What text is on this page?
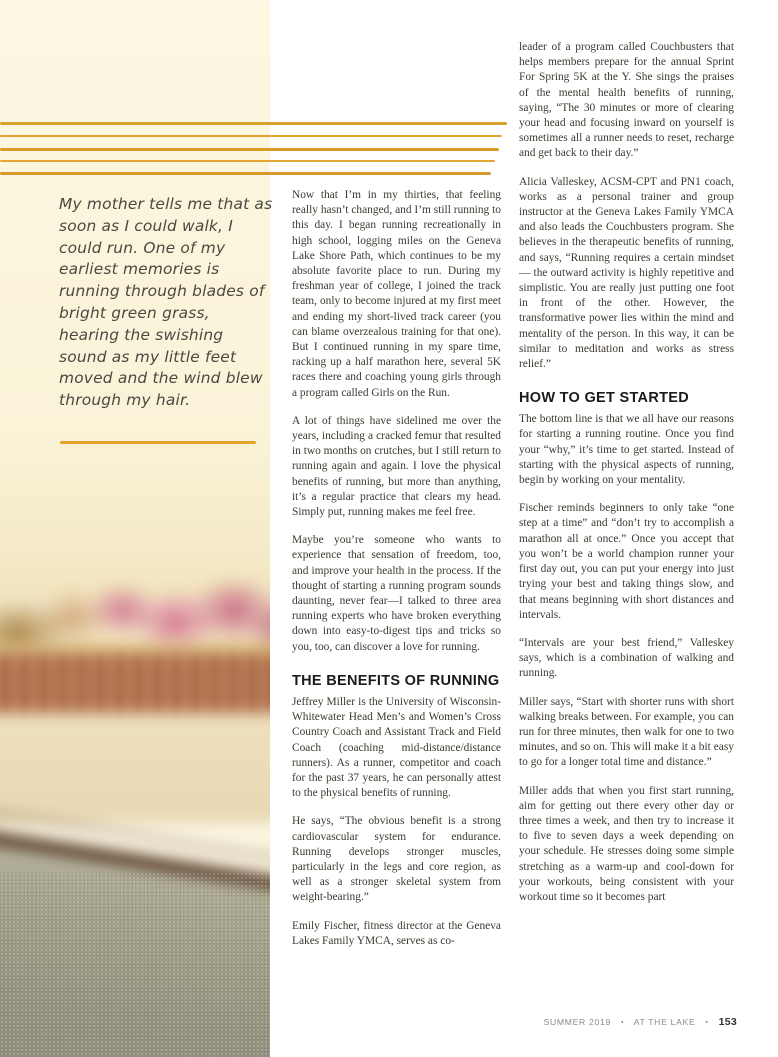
My mother tells me that as soon as I could walk, I could run. One of my earliest memories is running through blades of bright green grass, hearing the swishing sound as my little feet moved and the wind blew through my hair.

Now that I’m in my thirties, that feeling really hasn’t changed, and I’m still running to this day. I began running recreationally in high school, logging miles on the Geneva Lake Shore Path, which continues to be my absolute favorite place to run. During my freshman year of college, I joined the track team, only to become injured at my first meet and ending my short-lived track career (you can blame overzealous training for that one). But I continued running in my spare time, racking up a half marathon here, several 5K races there and coaching young girls through a program called Girls on the Run.

A lot of things have sidelined me over the years, including a cracked femur that resulted in two months on crutches, but I still return to running again and again. I love the physical benefits of running, but more than anything, it’s a regular practice that clears my head. Simply put, running makes me feel free.

Maybe you’re someone who wants to experience that sensation of freedom, too, and improve your health in the process. If the thought of starting a running program sounds daunting, never fear—I talked to three area running experts who have broken everything down into easy-to-digest tips and tricks so you, too, can discover a love for running.

THE BENEFITS OF RUNNING

Jeffrey Miller is the University of Wisconsin-Whitewater Head Men’s and Women’s Cross Country Coach and Assistant Track and Field Coach (coaching mid-distance/distance runners). As a runner, competitor and coach for the past 37 years, he can personally attest to the physical benefits of running.

He says, “The obvious benefit is a strong cardiovascular system for endurance. Running develops stronger muscles, particularly in the legs and core region, as well as a stronger skeletal system from weight-bearing.”

Emily Fischer, fitness director at the Geneva Lakes Family YMCA, serves as co-

leader of a program called Couchbusters that helps members prepare for the annual Sprint For Spring 5K at the Y. She sings the praises of the mental health benefits of running, saying, “The 30 minutes or more of clearing your head and focusing inward on yourself is sometimes all a runner needs to reset, recharge and get back to their day.”

Alicia Valleskey, ACSM-CPT and PN1 coach, works as a personal trainer and group instructor at the Geneva Lakes Family YMCA and also leads the Couchbusters program. She believes in the therapeutic benefits of running, and says, “Running requires a certain mindset — the outward activity is highly repetitive and simplistic. You are really just putting one foot in front of the other. However, the transformative power lies within the mind and mentality of the person. In this way, it can be similar to meditation and works as stress relief.”

HOW TO GET STARTED

The bottom line is that we all have our reasons for starting a running routine. Once you find your “why,” it’s time to get started. Instead of starting with the physical aspects of running, begin by working on your mentality.

Fischer reminds beginners to only take “one step at a time” and “don’t try to accomplish a marathon all at once.” Once you accept that you won’t be a world champion runner your first day out, you can put your energy into just trying your best and taking things slow, and that means beginning with short distances and intervals.

“Intervals are your best friend,” Valleskey says, which is a combination of walking and running.

Miller says, “Start with shorter runs with short walking breaks between. For example, you can run for three minutes, then walk for one to two minutes, and so on. This will make it a bit easy to go for a longer total time and distance.”

Miller adds that when you first start running, aim for getting out there every other day or three times a week, and then try to increase it to five to seven days a week depending on your schedule. He stresses doing some simple stretching as a warm-up and cool-down for your workouts, being consistent with your workout time so it becomes part

SUMMER 2019 ▪ AT THE LAKE ▪ 153
